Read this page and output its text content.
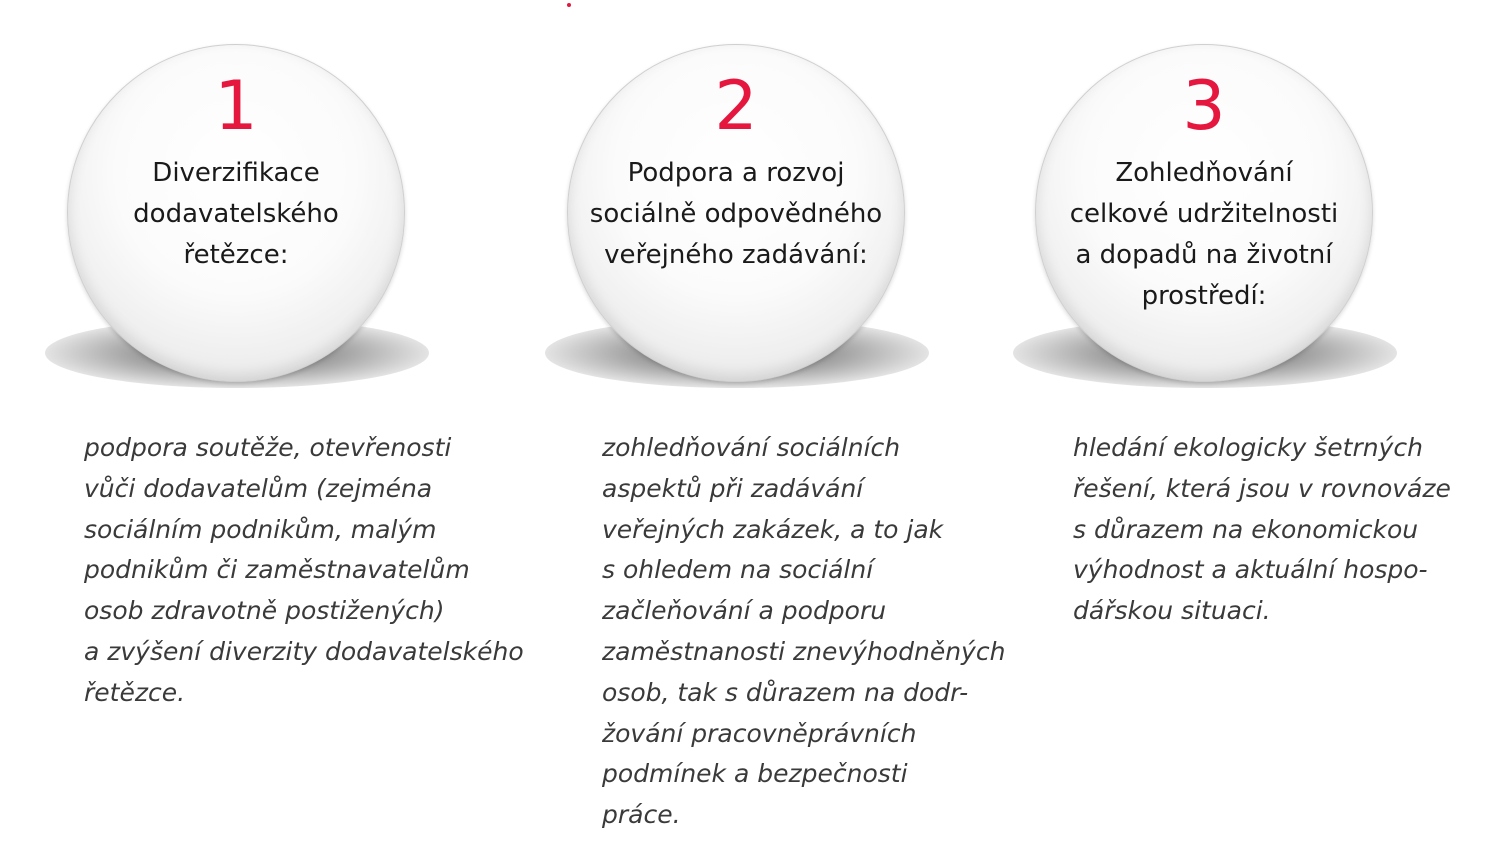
1
Diverzifikace
dodavatelského
řetězce:
podpora soutěže, otevřenosti
vůči dodavatelům (zejména
sociálním podnikům, malým
podnikům či zaměstnavatelům
osob zdravotně postižených)
a zvýšení diverzity dodavatelského
řetězce.
2
Podpora a rozvoj
sociálně odpovědného
veřejného zadávání:
zohledňování sociálních
aspektů při zadávání
veřejných zakázek, a to jak
s ohledem na sociální
začleňování a podporu
zaměstnanosti znevýhodněných
osob, tak s důrazem na dodr-
žování pracovněprávních
podmínek a bezpečnosti
práce.
3
Zohledňování
celkové udržitelnosti
a dopadů na životní
prostředí:
hledání ekologicky šetrných
řešení, která jsou v rovnováze
s důrazem na ekonomickou
výhodnost a aktuální hospo-
dářskou situaci.
